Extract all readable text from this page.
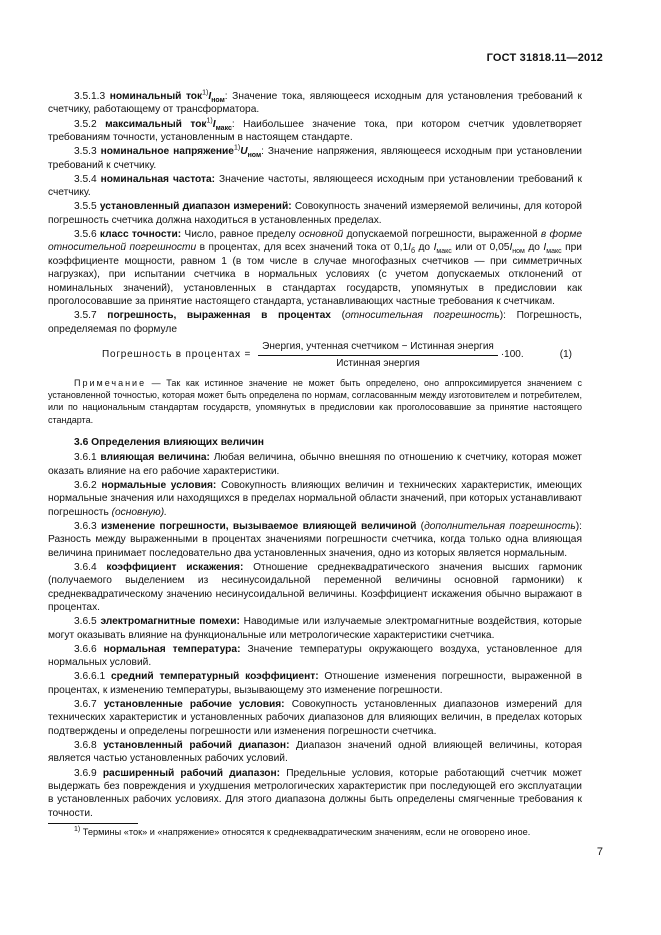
ГОСТ 31818.11—2012

3.5.1.3 номинальный $ток^{1)}I_{ном}$: Значение тока, являющееся исходным для установления требований к счетчику, работающему от трансформатора.

3.5.2 максимальный $ток^{1)}I_{макс}$: Наибольшее значение тока, при котором счетчик удовлетворяет требованиям точности, установленным в настоящем стандарте.

3.5.3 номинальное $напряжение^{1)}U_{ном}$: Значение напряжения, являющееся исходным при установлении требований к счетчику.

3.5.4 номинальная частота: Значение частоты, являющееся исходным при установлении требований к счетчику.

3.5.5 установленный диапазон измерений: Совокупность значений измеряемой величины, для которой погрешность счетчика должна находиться в установленных пределах.

3.5.6 класс точности: Число, равное пределу основной допускаемой погрешности, выраженной в форме относительной погрешности в процентах, для всех значений тока от $0,1I_б$ до $I_{макс}$ или от $0,05I_{ном}$ до $I_{макс}$ при коэффициенте мощности, равном 1 (в том числе в случае многофазных счетчиков — при симметричных нагрузках), при испытании счетчика в нормальных условиях (с учетом допускаемых отклонений от номинальных значений), установленных в стандартах государств, упомянутых в предисловии как проголосовавшие за принятие настоящего стандарта, устанавливающих частные требования к счетчикам.

3.5.7 погрешность, выраженная в процентах (относительная погрешность): Погрешность, определяемая по формуле

Погрешность в процентах = $\frac{\text{Энергия, учтенная счетчиком − Истинная энергия}}{\text{Истинная энергия}} \cdot 100$.	(1)

Примечание — Так как истинное значение не может быть определено, оно аппроксимируется значением с установленной точностью, которая может быть определена по нормам, согласованным между изготовителем и потребителем, или по национальным стандартам государств, упомянутых в предисловии как проголосовавшие за принятие настоящего стандарта.

3.6 Определения влияющих величин

3.6.1 влияющая величина: Любая величина, обычно внешняя по отношению к счетчику, которая может оказать влияние на его рабочие характеристики.

3.6.2 нормальные условия: Совокупность влияющих величин и технических характеристик, имеющих нормальные значения или находящихся в пределах нормальной области значений, при которых устанавливают погрешность (основную).

3.6.3 изменение погрешности, вызываемое влияющей величиной (дополнительная погрешность): Разность между выраженными в процентах значениями погрешности счетчика, когда только одна влияющая величина принимает последовательно два установленных значения, одно из которых является нормальным.

3.6.4 коэффициент искажения: Отношение среднеквадратического значения высших гармоник (получаемого выделением из несинусоидальной переменной величины основной гармоники) к среднеквадратическому значению несинусоидальной величины. Коэффициент искажения обычно выражают в процентах.

3.6.5 электромагнитные помехи: Наводимые или излучаемые электромагнитные воздействия, которые могут оказывать влияние на функциональные или метрологические характеристики счетчика.

3.6.6 нормальная температура: Значение температуры окружающего воздуха, установленное для нормальных условий.

3.6.6.1 средний температурный коэффициент: Отношение изменения погрешности, выраженной в процентах, к изменению температуры, вызывающему это изменение погрешности.

3.6.7 установленные рабочие условия: Совокупность установленных диапазонов измерений для технических характеристик и установленных рабочих диапазонов для влияющих величин, в пределах которых подтверждены и определены погрешности или изменения погрешности счетчика.

3.6.8 установленный рабочий диапазон: Диапазон значений одной влияющей величины, которая является частью установленных рабочих условий.

3.6.9 расширенный рабочий диапазон: Предельные условия, которые работающий счетчик может выдержать без повреждения и ухудшения метрологических характеристик при последующей его эксплуатации в установленных рабочих условиях. Для этого диапазона должны быть определены смягченные требования к точности.

$^{1)}$ Термины «ток» и «напряжение» относятся к среднеквадратическим значениям, если не оговорено иное.
7
